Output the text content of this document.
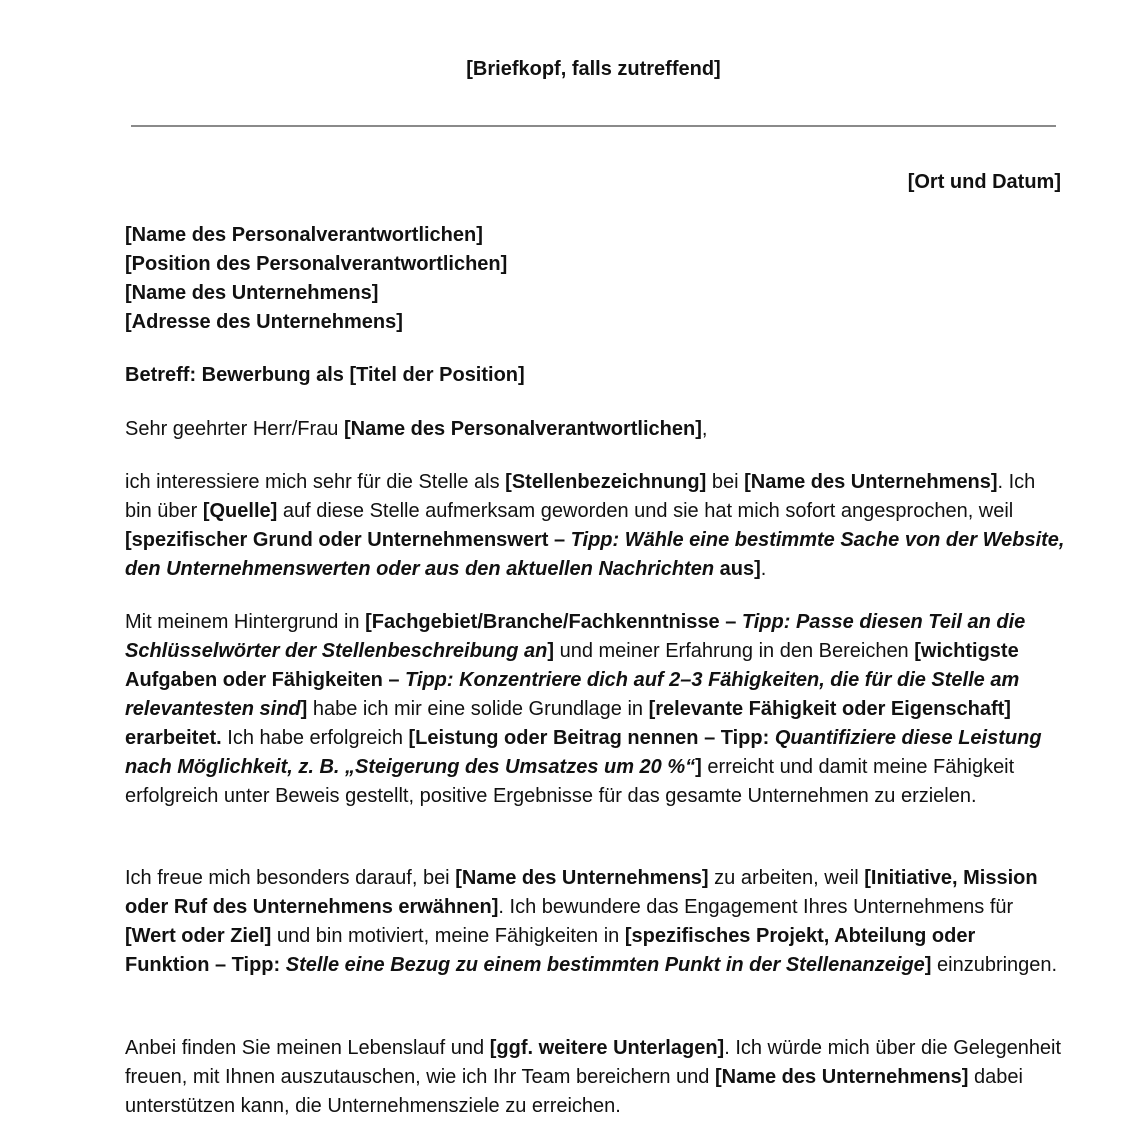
[Briefkopf, falls zutreffend]
[Ort und Datum]
[Name des Personalverantwortlichen]
[Position des Personalverantwortlichen]
[Name des Unternehmens]
[Adresse des Unternehmens]
Betreff: Bewerbung als [Titel der Position]
Sehr geehrter Herr/Frau [Name des Personalverantwortlichen],
ich interessiere mich sehr für die Stelle als [Stellenbezeichnung] bei [Name des Unternehmens]. Ich bin über [Quelle] auf diese Stelle aufmerksam geworden und sie hat mich sofort angesprochen, weil [spezifischer Grund oder Unternehmenswert – Tipp: Wähle eine bestimmte Sache von der Website, den Unternehmenswerten oder aus den aktuellen Nachrichten aus].
Mit meinem Hintergrund in [Fachgebiet/Branche/Fachkenntnisse – Tipp: Passe diesen Teil an die Schlüsselwörter der Stellenbeschreibung an] und meiner Erfahrung in den Bereichen [wichtigste Aufgaben oder Fähigkeiten – Tipp: Konzentriere dich auf 2–3 Fähigkeiten, die für die Stelle am relevantesten sind] habe ich mir eine solide Grundlage in [relevante Fähigkeit oder Eigenschaft] erarbeitet. Ich habe erfolgreich [Leistung oder Beitrag nennen – Tipp: Quantifiziere diese Leistung nach Möglichkeit, z. B. „Steigerung des Umsatzes um 20 %“] erreicht und damit meine Fähigkeit erfolgreich unter Beweis gestellt, positive Ergebnisse für das gesamte Unternehmen zu erzielen.
Ich freue mich besonders darauf, bei [Name des Unternehmens] zu arbeiten, weil [Initiative, Mission oder Ruf des Unternehmens erwähnen]. Ich bewundere das Engagement Ihres Unternehmens für [Wert oder Ziel] und bin motiviert, meine Fähigkeiten in [spezifisches Projekt, Abteilung oder Funktion – Tipp: Stelle eine Bezug zu einem bestimmten Punkt in der Stellenanzeige] einzubringen.
Anbei finden Sie meinen Lebenslauf und [ggf. weitere Unterlagen]. Ich würde mich über die Gelegenheit freuen, mit Ihnen auszutauschen, wie ich Ihr Team bereichern und [Name des Unternehmens] dabei unterstützen kann, die Unternehmensziele zu erreichen.
